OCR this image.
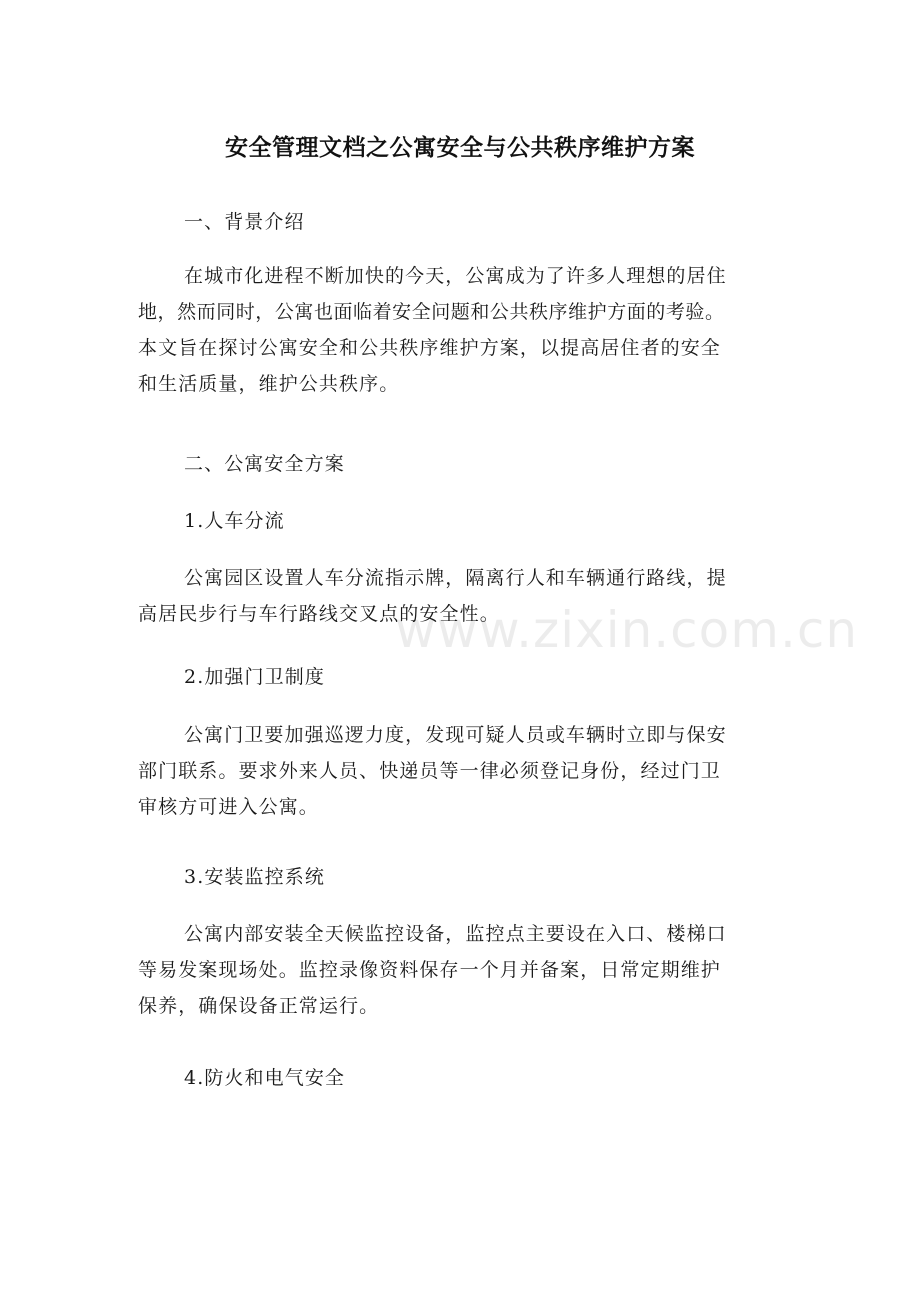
www.zixin.com.cn
安全管理文档之公寓安全与公共秩序维护方案
一、背景介绍
在城市化进程不断加快的今天，公寓成为了许多人理想的居住
地，然而同时，公寓也面临着安全问题和公共秩序维护方面的考验。
本文旨在探讨公寓安全和公共秩序维护方案，以提高居住者的安全
和生活质量，维护公共秩序。
二、公寓安全方案
1.人车分流
公寓园区设置人车分流指示牌，隔离行人和车辆通行路线，提
高居民步行与车行路线交叉点的安全性。
2.加强门卫制度
公寓门卫要加强巡逻力度，发现可疑人员或车辆时立即与保安
部门联系。要求外来人员、快递员等一律必须登记身份，经过门卫
审核方可进入公寓。
3.安装监控系统
公寓内部安装全天候监控设备，监控点主要设在入口、楼梯口
等易发案现场处。监控录像资料保存一个月并备案，日常定期维护
保养，确保设备正常运行。
4.防火和电气安全
